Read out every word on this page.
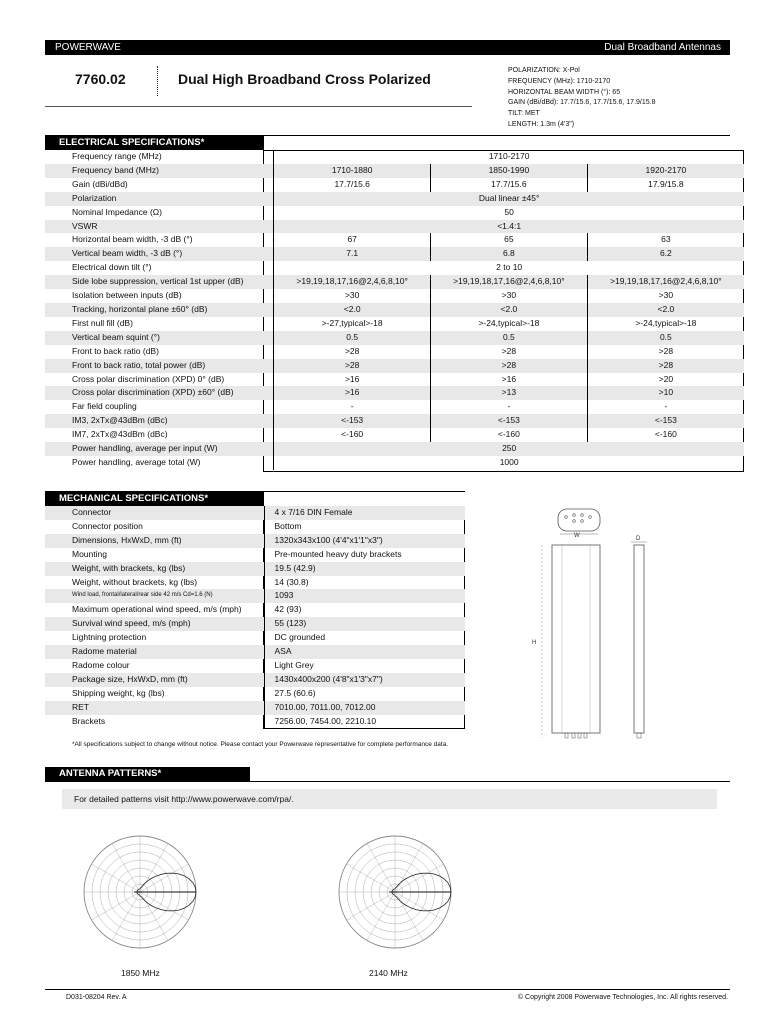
POWERWAVE	Dual Broadband Antennas
7760.02	Dual High Broadband Cross Polarized
POLARIZATION: X-Pol
FREQUENCY (MHz): 1710-2170
HORIZONTAL BEAM WIDTH (°): 65
GAIN (dBi/dBd): 17.7/15.6, 17.7/15.6, 17.9/15.8
TILT: MET
LENGTH: 1.3m (4'3")
ELECTRICAL SPECIFICATIONS*
Frequency range (MHz)	1710-2170		
Frequency band (MHz)	1710-1880	1850-1990	1920-2170
Gain (dBi/dBd)	17.7/15.6	17.7/15.6	17.9/15.8
Polarization	Dual linear ±45°		
Nominal Impedance (Ω)	50		
VSWR	<1.4:1		
Horizontal beam width, -3 dB (°)	67	65	63
Vertical beam width, -3 dB (°)	7.1	6.8	6.2
Electrical down tilt (°)	2 to 10		
Side lobe suppression, vertical 1st upper (dB)	>19,19,18,17,16@2,4,6,8,10°	>19,19,18,17,16@2,4,6,8,10°	>19,19,18,17,16@2,4,6,8,10°
Isolation between inputs (dB)	>30	>30	>30
Tracking, horizontal plane ±60° (dB)	<2.0	<2.0	<2.0
First null fill (dB)	>-27,typical>-18	>-24,typical>-18	>-24,typical>-18
Vertical beam squint (°)	0.5	0.5	0.5
Front to back ratio (dB)	>28	>28	>28
Front to back ratio, total power (dB)	>28	>28	>28
Cross polar discrimination (XPD) 0° (dB)	>16	>16	>20
Cross polar discrimination (XPD) ±60° (dB)	>16	>13	>10
Far field coupling	-	-	-
IM3, 2xTx@43dBm (dBc)	<-153	<-153	<-153
IM7, 2xTx@43dBm (dBc)	<-160	<-160	<-160
Power handling, average per input (W)	250		
Power handling, average total (W)	1000		
MECHANICAL SPECIFICATIONS*
Connector	4 x 7/16 DIN Female
Connector position	Bottom
Dimensions, HxWxD, mm (ft)	1320x343x100 (4'4"x1'1"x3")
Mounting	Pre-mounted heavy duty brackets
Weight, with brackets, kg (lbs)	19.5 (42.9)
Weight, without brackets, kg (lbs)	14 (30.8)
Wind load, frontal/lateral/rear side 42 m/s Cd=1.6 (N)	1093
Maximum operational wind speed, m/s (mph)	42 (93)
Survival wind speed, m/s (mph)	55 (123)
Lightning protection	DC grounded
Radome material	ASA
Radome colour	Light Grey
Package size, HxWxD, mm (ft)	1430x400x200 (4'8"x1'3"x7")
Shipping weight, kg (lbs)	27.5 (60.6)
RET	7010.00, 7011.00, 7012.00
Brackets	7256.00, 7454.00, 2210.10
*All specifications subject to change without notice. Please contact your Powerwave representative for complete performance data.
W
H
D
ANTENNA PATTERNS*
For detailed patterns visit http://www.powerwave.com/rpa/.
1850 MHz	2140 MHz
D031-08204 Rev. A	© Copyright 2008 Powerwave Technologies, Inc. All rights reserved.
